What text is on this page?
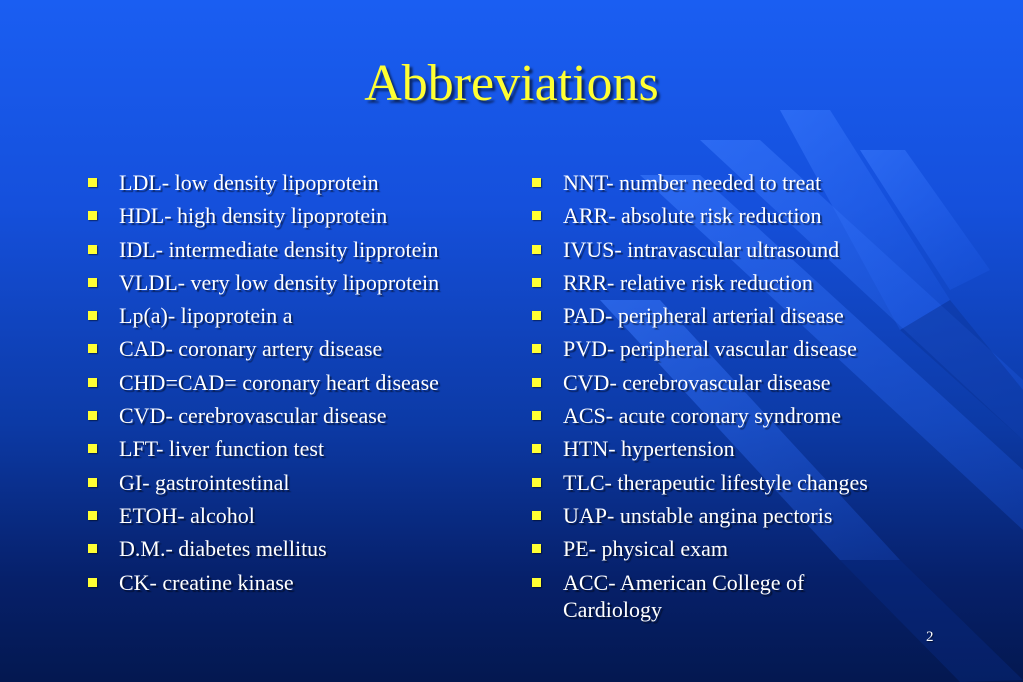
Abbreviations
LDL- low density lipoprotein
HDL- high density lipoprotein
IDL- intermediate density lipprotein
VLDL- very low density lipoprotein
Lp(a)- lipoprotein a
CAD- coronary artery disease
CHD=CAD= coronary heart disease
CVD- cerebrovascular disease
LFT- liver function test
GI- gastrointestinal
ETOH- alcohol
D.M.- diabetes mellitus
CK- creatine kinase
NNT- number needed to treat
ARR- absolute risk reduction
IVUS- intravascular ultrasound
RRR- relative risk reduction
PAD- peripheral arterial disease
PVD- peripheral vascular disease
CVD- cerebrovascular disease
ACS- acute coronary syndrome
HTN- hypertension
TLC- therapeutic lifestyle changes
UAP- unstable angina pectoris
PE- physical exam
ACC- American College of Cardiology
2
